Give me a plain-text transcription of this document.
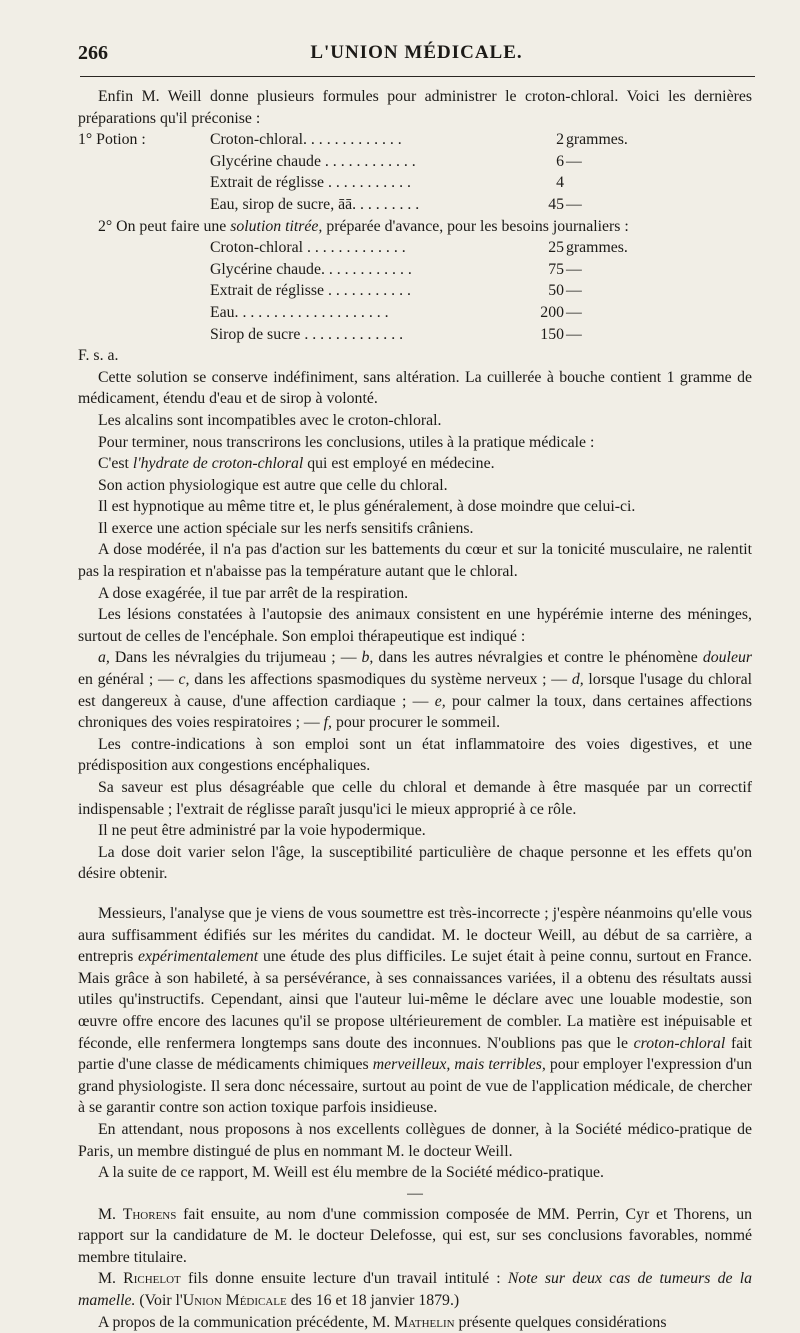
266	L'UNION MÉDICALE.

Enfin M. Weill donne plusieurs formules pour administrer le croton-chloral. Voici les dernières préparations qu'il préconise :

1° Potion :	Croton-chloral. . . . . . . . . . . . .	2 grammes.
Glycérine chaude . . . . . . . . . . . .	6 —
Extrait de réglisse . . . . . . . . . . .	4
Eau, sirop de sucre, āā. . . . . . . . .	45 —

2° On peut faire une solution titrée, préparée d'avance, pour les besoins journaliers :

Croton-chloral . . . . . . . . . . . . .	25 grammes.
Glycérine chaude. . . . . . . . . . . .	75 —
Extrait de réglisse . . . . . . . . . . .	50 —
Eau. . . . . . . . . . . . . . . . . . . .	200 —
Sirop de sucre . . . . . . . . . . . . .	150 —

F. s. a.

Cette solution se conserve indéfiniment, sans altération. La cuillerée à bouche contient 1 gramme de médicament, étendu d'eau et de sirop à volonté.

Les alcalins sont incompatibles avec le croton-chloral.

Pour terminer, nous transcrirons les conclusions, utiles à la pratique médicale :

C'est l'hydrate de croton-chloral qui est employé en médecine.

Son action physiologique est autre que celle du chloral.

Il est hypnotique au même titre et, le plus généralement, à dose moindre que celui-ci.

Il exerce une action spéciale sur les nerfs sensitifs crâniens.

A dose modérée, il n'a pas d'action sur les battements du cœur et sur la tonicité musculaire, ne ralentit pas la respiration et n'abaisse pas la température autant que le chloral.

A dose exagérée, il tue par arrêt de la respiration.

Les lésions constatées à l'autopsie des animaux consistent en une hypérémie interne des méninges, surtout de celles de l'encéphale. Son emploi thérapeutique est indiqué :

a, Dans les névralgies du trijumeau ; — b, dans les autres névralgies et contre le phénomène douleur en général ; — c, dans les affections spasmodiques du système nerveux ; — d, lorsque l'usage du chloral est dangereux à cause, d'une affection cardiaque ; — e, pour calmer la toux, dans certaines affections chroniques des voies respiratoires ; — f, pour procurer le sommeil.

Les contre-indications à son emploi sont un état inflammatoire des voies digestives, et une prédisposition aux congestions encéphaliques.

Sa saveur est plus désagréable que celle du chloral et demande à être masquée par un correctif indispensable ; l'extrait de réglisse paraît jusqu'ici le mieux approprié à ce rôle.

Il ne peut être administré par la voie hypodermique.

La dose doit varier selon l'âge, la susceptibilité particulière de chaque personne et les effets qu'on désire obtenir.

Messieurs, l'analyse que je viens de vous soumettre est très-incorrecte ; j'espère néanmoins qu'elle vous aura suffisamment édifiés sur les mérites du candidat. M. le docteur Weill, au début de sa carrière, a entrepris expérimentalement une étude des plus difficiles. Le sujet était à peine connu, surtout en France. Mais grâce à son habileté, à sa persévérance, à ses connaissances variées, il a obtenu des résultats aussi utiles qu'instructifs. Cependant, ainsi que l'auteur lui-même le déclare avec une louable modestie, son œuvre offre encore des lacunes qu'il se propose ultérieurement de combler. La matière est inépuisable et féconde, elle renfermera longtemps sans doute des inconnues. N'oublions pas que le croton-chloral fait partie d'une classe de médicaments chimiques merveilleux, mais terribles, pour employer l'expression d'un grand physiologiste. Il sera donc nécessaire, surtout au point de vue de l'application médicale, de chercher à se garantir contre son action toxique parfois insidieuse.

En attendant, nous proposons à nos excellents collègues de donner, à la Société médico-pratique de Paris, un membre distingué de plus en nommant M. le docteur Weill.

A la suite de ce rapport, M. Weill est élu membre de la Société médico-pratique.

—

M. Thorens fait ensuite, au nom d'une commission composée de MM. Perrin, Cyr et Thorens, un rapport sur la candidature de M. le docteur Delefosse, qui est, sur ses conclusions favorables, nommé membre titulaire.

M. Richelot fils donne ensuite lecture d'un travail intitulé : Note sur deux cas de tumeurs de la mamelle. (Voir l'Union Médicale des 16 et 18 janvier 1879.)

A propos de la communication précédente, M. Mathelin présente quelques considérations
